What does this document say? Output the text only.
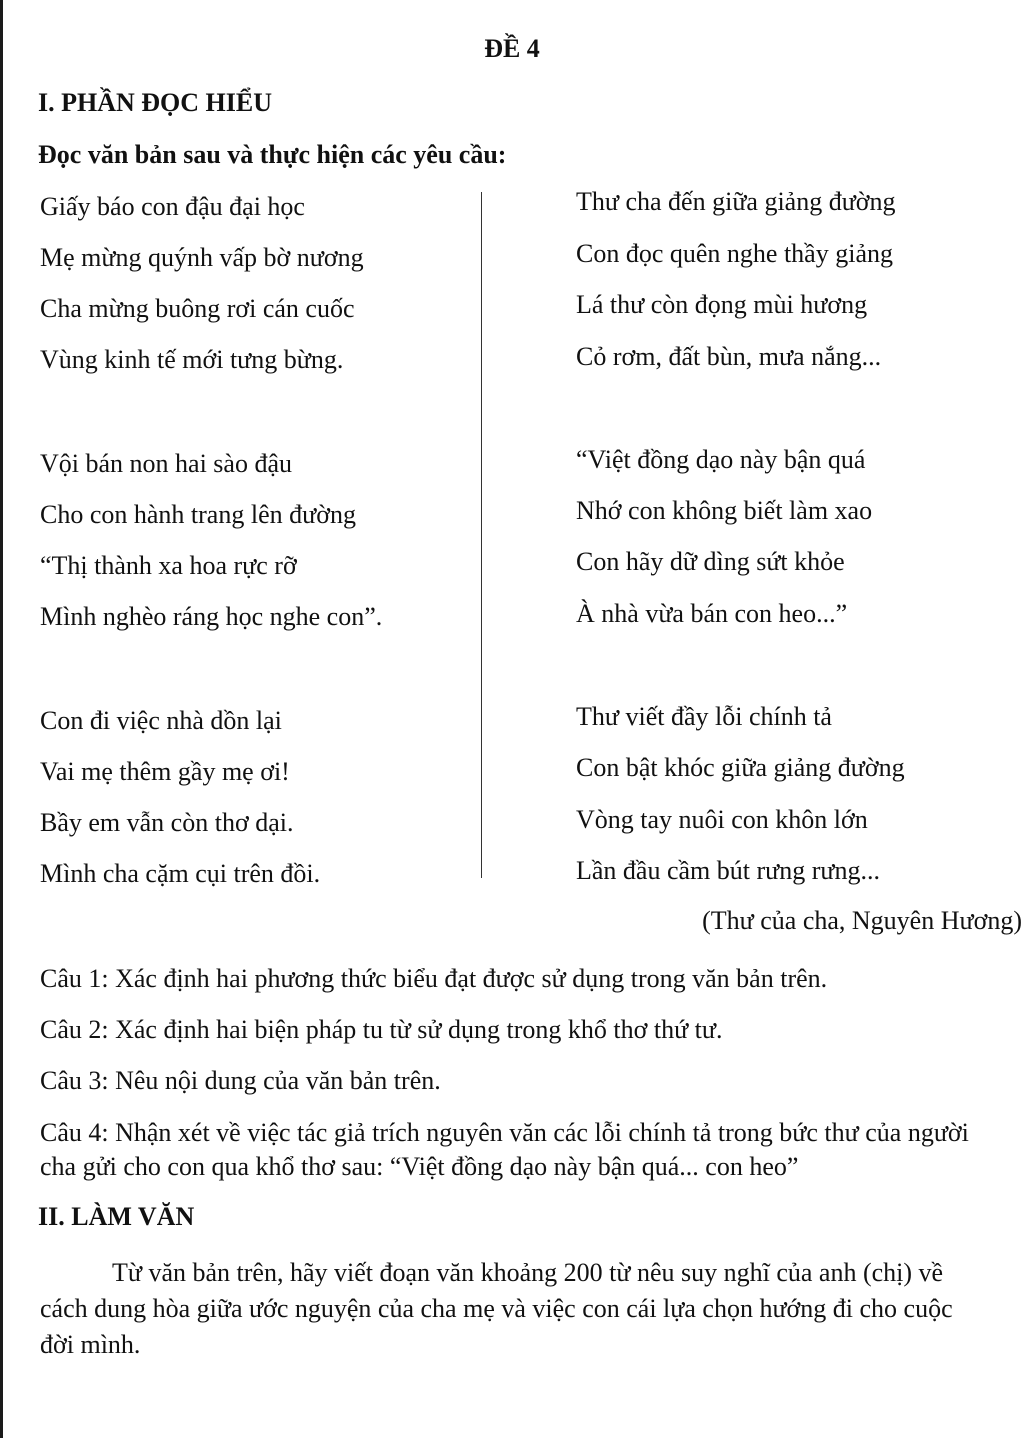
ĐỀ 4
I. PHẦN ĐỌC HIỂU
Đọc văn bản sau và thực hiện các yêu cầu:
Giấy báo con đậu đại học
Mẹ mừng quýnh vấp bờ nương
Cha mừng buông rơi cán cuốc
Vùng kinh tế mới tưng bừng.
Vội bán non hai sào đậu
Cho con hành trang lên đường
“Thị thành xa hoa rực rỡ
Mình nghèo ráng học nghe con”.
Con đi việc nhà dồn lại
Vai mẹ thêm gầy mẹ ơi!
Bầy em vẫn còn thơ dại.
Mình cha cặm cụi trên đồi.
Thư cha đến giữa giảng đường
Con đọc quên nghe thầy giảng
Lá thư còn đọng mùi hương
Cỏ rơm, đất bùn, mưa nắng...
“Việt đồng dạo này bận quá
Nhớ con không biết làm xao
Con hãy dữ dìng sứt khỏe
À nhà vừa bán con heo...”
Thư viết đầy lỗi chính tả
Con bật khóc giữa giảng đường
Vòng tay nuôi con khôn lớn
Lần đầu cầm bút rưng rưng...
(Thư của cha, Nguyên Hương)
Câu 1: Xác định hai phương thức biểu đạt được sử dụng trong văn bản trên.
Câu 2: Xác định hai biện pháp tu từ sử dụng trong khổ thơ thứ tư.
Câu 3: Nêu nội dung của văn bản trên.
Câu 4: Nhận xét về việc tác giả trích nguyên văn các lỗi chính tả trong bức thư của người cha gửi cho con qua khổ thơ sau: “Việt đồng dạo này bận quá... con heo”
II. LÀM VĂN
Từ văn bản trên, hãy viết đoạn văn khoảng 200 từ nêu suy nghĩ của anh (chị) về cách dung hòa giữa ước nguyện của cha mẹ và việc con cái lựa chọn hướng đi cho cuộc đời mình.
